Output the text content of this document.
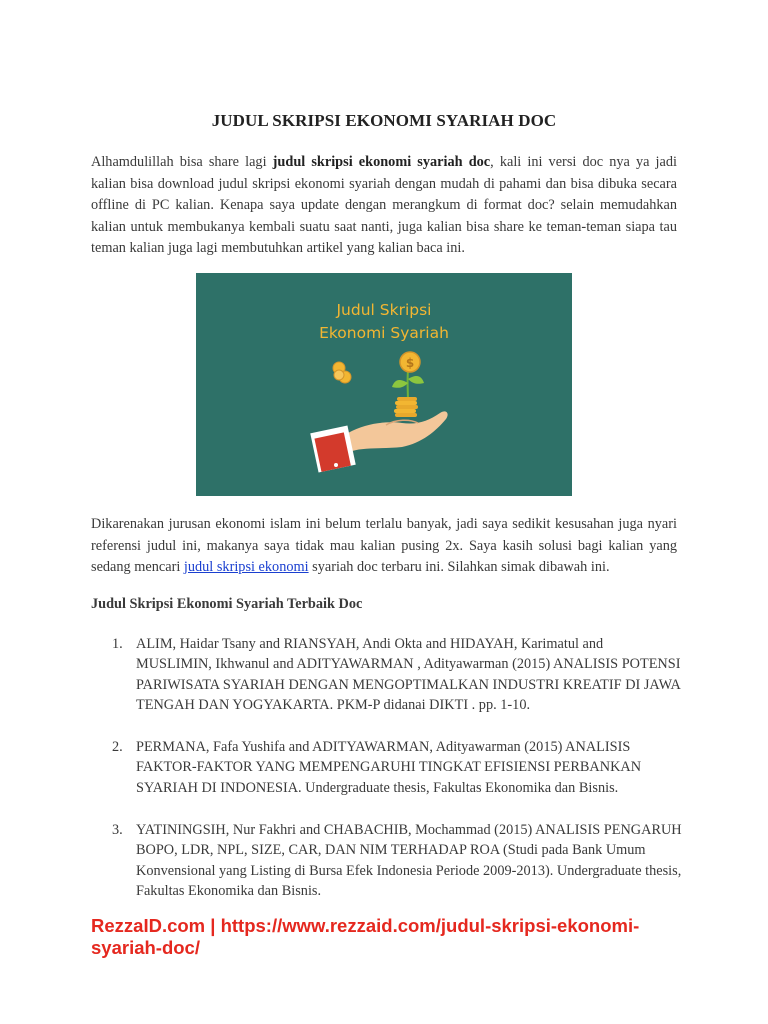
JUDUL SKRIPSI EKONOMI SYARIAH DOC
Alhamdulillah bisa share lagi judul skripsi ekonomi syariah doc, kali ini versi doc nya ya jadi kalian bisa download judul skripsi ekonomi syariah dengan mudah di pahami dan bisa dibuka secara offline di PC kalian. Kenapa saya update dengan merangkum di format doc? selain memudahkan kalian untuk membukanya kembali suatu saat nanti, juga kalian bisa share ke teman-teman siapa tau teman kalian juga lagi membutuhkan artikel yang kalian baca ini.
Judul Skripsi
Ekonomi Syariah
$
Dikarenakan jurusan ekonomi islam ini belum terlalu banyak, jadi saya sedikit kesusahan juga nyari referensi judul ini, makanya saya tidak mau kalian pusing 2x. Saya kasih solusi bagi kalian yang sedang mencari judul skripsi ekonomi syariah doc terbaru ini. Silahkan simak dibawah ini.
Judul Skripsi Ekonomi Syariah Terbaik Doc
1. ALIM, Haidar Tsany and RIANSYAH, Andi Okta and HIDAYAH, Karimatul and MUSLIMIN, Ikhwanul and ADITYAWARMAN , Adityawarman (2015) ANALISIS POTENSI PARIWISATA SYARIAH DENGAN MENGOPTIMALKAN INDUSTRI KREATIF DI JAWA TENGAH DAN YOGYAKARTA. PKM-P didanai DIKTI . pp. 1-10.
2. PERMANA, Fafa Yushifa and ADITYAWARMAN, Adityawarman (2015) ANALISIS FAKTOR-FAKTOR YANG MEMPENGARUHI TINGKAT EFISIENSI PERBANKAN SYARIAH DI INDONESIA. Undergraduate thesis, Fakultas Ekonomika dan Bisnis.
3. YATININGSIH, Nur Fakhri and CHABACHIB, Mochammad (2015) ANALISIS PENGARUH BOPO, LDR, NPL, SIZE, CAR, DAN NIM TERHADAP ROA (Studi pada Bank Umum Konvensional yang Listing di Bursa Efek Indonesia Periode 2009-2013). Undergraduate thesis, Fakultas Ekonomika dan Bisnis.
RezzaID.com | https://www.rezzaid.com/judul-skripsi-ekonomi-syariah-doc/
